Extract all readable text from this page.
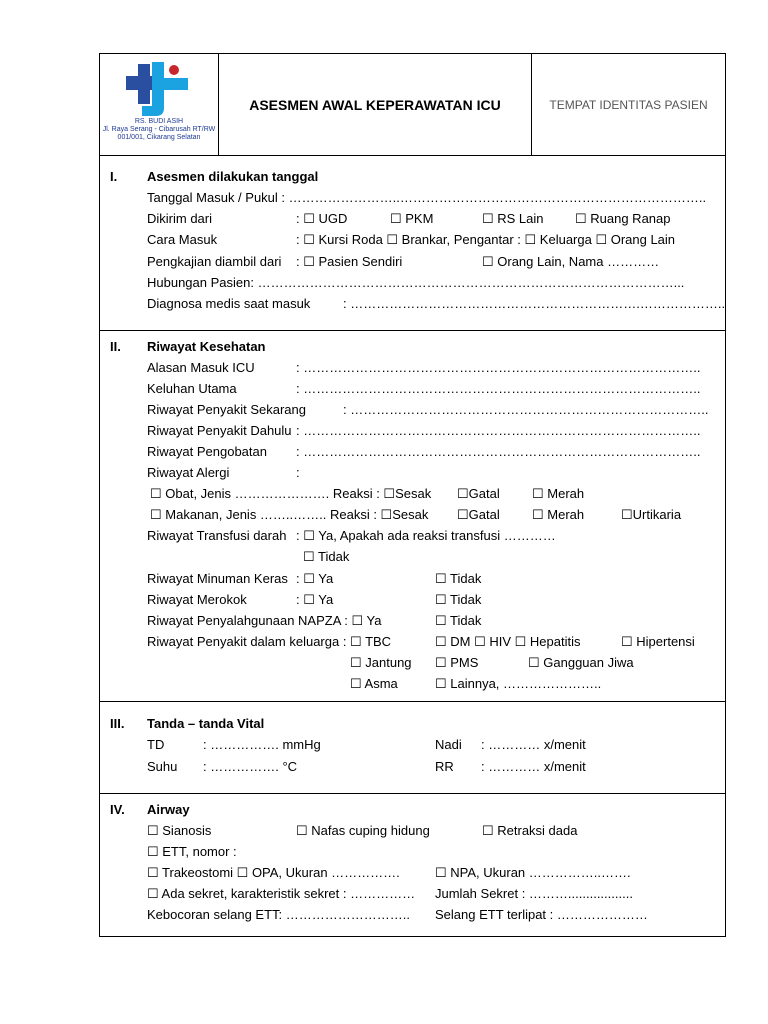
RS. BUDI ASIH
Jl. Raya Serang - Cibarusah RT/RW 001/001, Cikarang Selatan
ASESMEN AWAL KEPERAWATAN ICU	TEMPAT IDENTITAS PASIEN
I. Asesmen dilakukan tanggal
Tanggal Masuk / Pukul : ……………………..……………………………………………………………..
Dikirim dari	: ☐ UGD	☐ PKM	☐ RS Lain ☐ Ruang Ranap
Cara Masuk	: ☐ Kursi Roda ☐ Brankar, Pengantar : ☐ Keluarga ☐ Orang Lain
Pengkajian diambil dari : ☐ Pasien Sendiri	☐ Orang Lain, Nama …………
Hubungan Pasien: ……………………………………………………………………………………...
Diagnosa medis saat masuk	: ………………………………………………………….………………..
II. Riwayat Kesehatan
Alasan Masuk ICU	: ………………………………………………………………………………..
Keluhan Utama	: ………………………………………………………………………………..
Riwayat Penyakit Sekarang	: ………………………………………………………………………..
Riwayat Penyakit Dahulu : ………………………………………………………………………………..
Riwayat Pengobatan : ………………………………………………………………………………..
Riwayat Alergi	:
☐ Obat, Jenis …………………. Reaksi : ☐Sesak ☐Gatal ☐ Merah
☐ Makanan, Jenis ……..…….. Reaksi : ☐Sesak ☐Gatal ☐ Merah	☐Urtikaria
Riwayat Transfusi darah : ☐ Ya, Apakah ada reaksi transfusi …………
☐ Tidak
Riwayat Minuman Keras : ☐ Ya	☐ Tidak
Riwayat Merokok	: ☐ Ya	☐ Tidak
Riwayat Penyalahgunaan NAPZA : ☐ Ya	☐ Tidak
Riwayat Penyakit dalam keluarga : ☐ TBC	☐ DM ☐ HIV ☐ Hepatitis	☐ Hipertensi
☐ Jantung ☐ PMS	☐ Gangguan Jiwa
☐ Asma	☐ Lainnya, …………………..
III. Tanda – tanda Vital
TD	: ……………. mmHg	Nadi : ………… x/menit
Suhu : ……………. °C	RR : ………… x/menit
IV. Airway
☐ Sianosis	☐ Nafas cuping hidung	☐ Retraksi dada
☐ ETT, nomor :
☐ Trakeostomi ☐ OPA, Ukuran …………….	☐ NPA, Ukuran ……………..…….
☐ Ada sekret, karakteristik sekret : …………… Jumlah Sekret : ………..................
Kebocoran selang ETT: ……………………….. Selang ETT terlipat : …………………
